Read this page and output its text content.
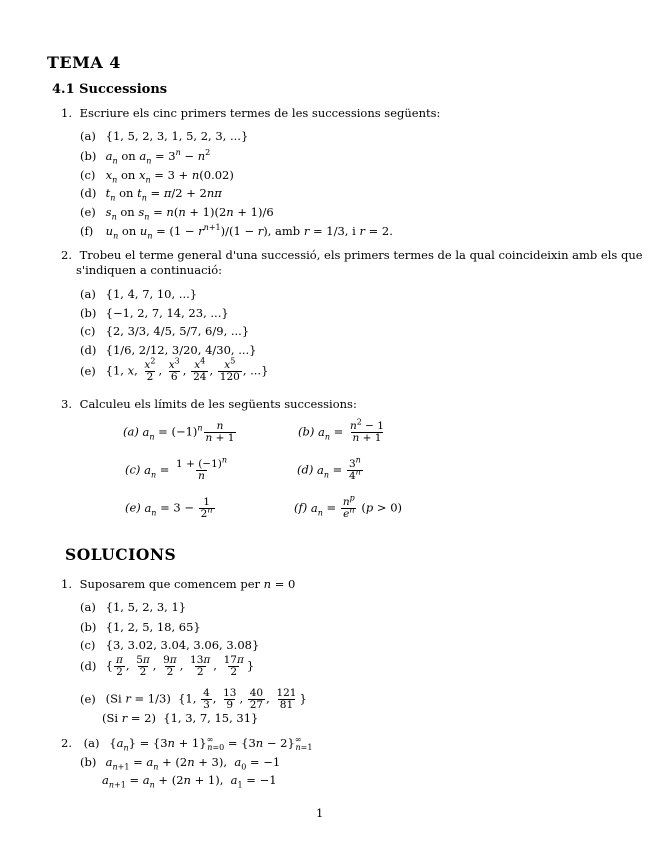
TEMA 4
4.1 Successions
1. Escriure els cinc primers termes de les successions següents:
(a) {1, 5, 2, 3, 1, 5, 2, 3, ...}
(b) $a_n$ on $a_n = 3^n - n^2$
(c) $x_n$ on $x_n = 3 + n(0.02)$
(d) $t_n$ on $t_n = \pi/2 + 2n\pi$
(e) $s_n$ on $s_n = n(n + 1)(2n + 1)/6$
(f) $u_n$ on $u_n = (1 - r^{n+1})/(1 - r)$, amb r = 1/3, i r = 2.
2. Trobeu el terme general d'una successió, els primers termes de la qual coincideixin amb els que
s'indiquen a continuació:
(a) {1, 4, 7, 10, ...}
(b) {−1, 2, 7, 14, 23, ...}
(c) {2, 3/3, 4/5, 5/7, 6/9, ...}
(d) {1/6, 2/12, 3/20, 4/30, ...}
(e) {1, x, $\frac{x^2}{2}$ , $\frac{x^3}{6}$ , $\frac{x^4}{24}$ , $\frac{x^5}{120}$ , ...}
3. Calculeu els límits de les següents successions:
(a) $a_n = (-1)^n \frac{n}{n + 1}$	(b) $a_n = \frac{n^2 - 1}{n + 1}$
(c) $a_n = \frac{1 + (-1)^n}{n}$	(d) $a_n = \frac{3^n}{4^n}$
(e) $a_n = 3 - \frac{1}{2^n}$	(f) $a_n = \frac{n^p}{e^n} (p > 0)$
SOLUCIONS
1. Suposarem que comencem per n = 0
(a) {1, 5, 2, 3, 1}
(b) {1, 2, 5, 18, 65}
(c) {3, 3.02, 3.04, 3.06, 3.08}
(d) { $\frac{\pi}{2}$ , $\frac{5\pi}{2}$ , $\frac{9\pi}{2}$ , $\frac{13\pi}{2}$ , $\frac{17\pi}{2}$ }
(e) (Si r = 1/3)  {1, $\frac{4}{3}$ , $\frac{13}{9}$ , $\frac{40}{27}$ , $\frac{121}{81}$ }
(Si r = 2)  {1, 3, 7, 15, 31}
2. (a) $\{a_n\} = \{3n + 1\}^\infty_{n=0} = \{3n - 2\}^\infty_{n=1}$
(b) $a_{n+1} = a_n + (2n + 3)$,  $a_0 = -1$
$a_{n+1} = a_n + (2n + 1)$,  $a_1 = -1$
1
